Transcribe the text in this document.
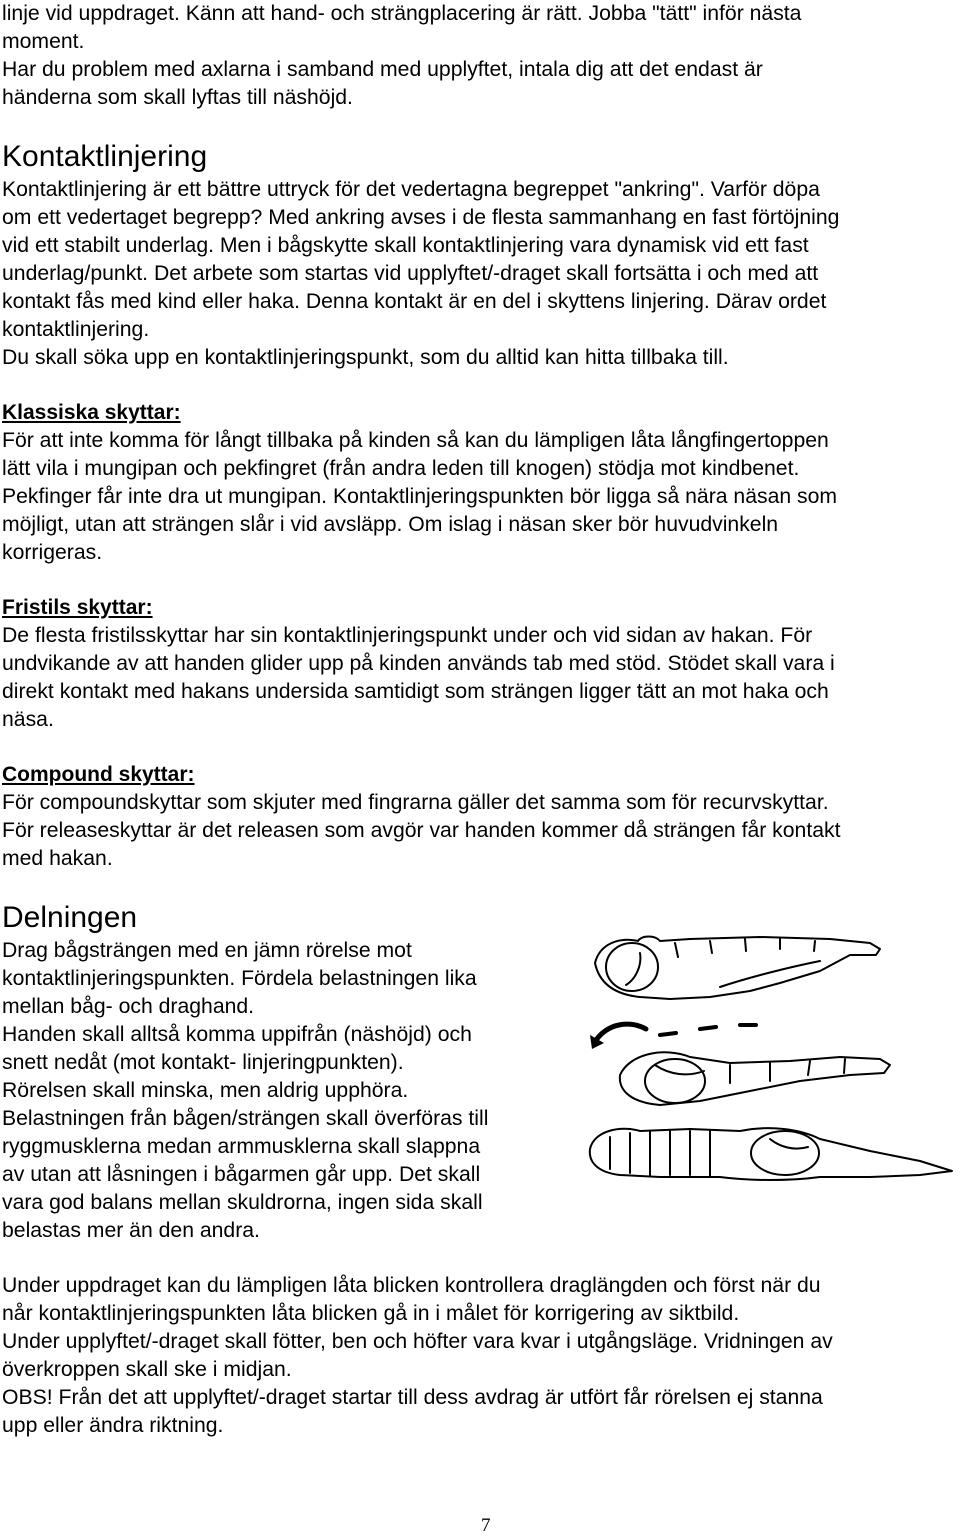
linje vid uppdraget. Känn att hand- och strängplacering är rätt. Jobba "tätt" inför nästa
moment.
Har du problem med axlarna i samband med upplyftet, intala dig att det endast är
händerna som skall lyftas till näshöjd.
Kontaktlinjering
Kontaktlinjering är ett bättre uttryck för det vedertagna begreppet "ankring". Varför döpa
om ett vedertaget begrepp? Med ankring avses i de flesta sammanhang en fast förtöjning
vid ett stabilt underlag. Men i bågskytte skall kontaktlinjering vara dynamisk vid ett fast
underlag/punkt. Det arbete som startas vid upplyftet/-draget skall fortsätta i och med att
kontakt fås med kind eller haka. Denna kontakt är en del i skyttens linjering. Därav ordet
kontaktlinjering.
Du skall söka upp en kontaktlinjeringspunkt, som du alltid kan hitta tillbaka till.
Klassiska skyttar:
För att inte komma för långt tillbaka på kinden så kan du lämpligen låta långfingertoppen
lätt vila i mungipan och pekfingret (från andra leden till knogen) stödja mot kindbenet.
Pekfinger får inte dra ut mungipan. Kontaktlinjeringspunkten bör ligga så nära näsan som
möjligt, utan att strängen slår i vid avsläpp. Om islag i näsan sker bör huvudvinkeln
korrigeras.
Fristils skyttar:
De flesta fristilsskyttar har sin kontaktlinjeringspunkt under och vid sidan av hakan. För
undvikande av att handen glider upp på kinden används tab med stöd. Stödet skall vara i
direkt kontakt med hakans undersida samtidigt som strängen ligger tätt an mot haka och
näsa.
Compound skyttar:
För compoundskyttar som skjuter med fingrarna gäller det samma som för recurvskyttar.
För releaseskyttar är det releasen som avgör var handen kommer då strängen får kontakt
med hakan.
Delningen
Drag bågsträngen med en jämn rörelse mot
kontaktlinjeringspunkten. Fördela belastningen lika
mellan båg- och draghand.
Handen skall alltså komma uppifrån (näshöjd) och
snett nedåt (mot kontakt- linjeringpunkten).
Rörelsen skall minska, men aldrig upphöra.
Belastningen från bågen/strängen skall överföras till
ryggmusklerna medan armmusklerna skall slappna
av utan att låsningen i bågarmen går upp. Det skall
vara god balans mellan skuldrorna, ingen sida skall
belastas mer än den andra.
Under uppdraget kan du lämpligen låta blicken kontrollera draglängden och först när du
når kontaktlinjeringspunkten låta blicken gå in i målet för korrigering av siktbild.
Under upplyftet/-draget skall fötter, ben och höfter vara kvar i utgångsläge. Vridningen av
överkroppen skall ske i midjan.
OBS! Från det att upplyftet/-draget startar till dess avdrag är utfört får rörelsen ej stanna
upp eller ändra riktning.
7
